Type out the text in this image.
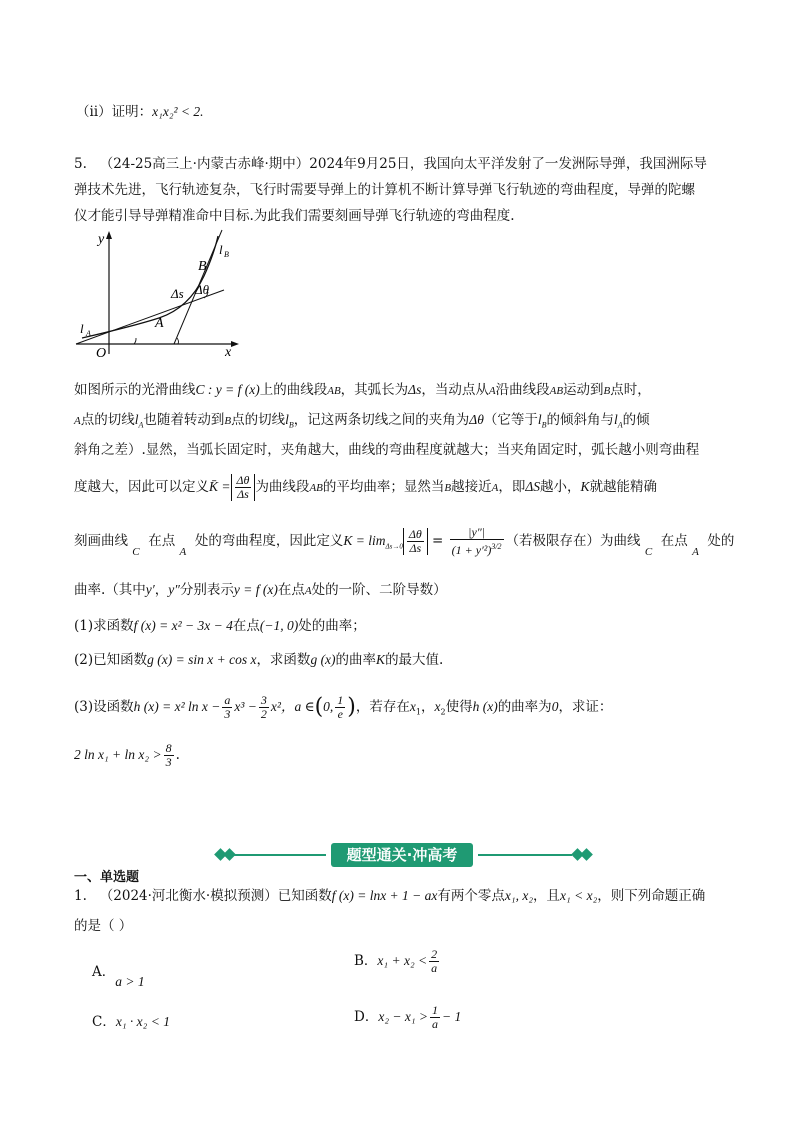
（ⅱ）证明：x₁x₂² < 2.
5. （24-25高三上·内蒙古赤峰·期中）2024年9月25日，我国向太平洋发射了一发洲际导弹，我国洲际导
弹技术先进，飞行轨迹复杂，飞行时需要导弹上的计算机不断计算导弹飞行轨迹的弯曲程度，导弹的陀螺
仪才能引导导弹精准命中目标.为此我们需要刻画导弹飞行轨迹的弯曲程度.
y
x
O
l A
l B
A
B
Δs Δθ
如图所示的光滑曲线C : y = f (x)上的曲线段AB，其弧长为Δs，当动点从A沿曲线段AB运动到B点时，
A点的切线$l_A$也随着转动到B点的切线$l_B$，记这两条切线之间的夹角为Δθ（它等于$l_B$的倾斜角与$l_A$的倾
斜角之差）.显然，当弧长固定时，夹角越大，曲线的弯曲程度就越大；当夹角固定时，弧长越小则弯曲程
度越大，因此可以定义K̄ = $\frac{\Delta\theta}{\Delta s}$ 为曲线段AB的平均曲率；显然当B越接近A，即ΔS越小，K就越能精确
刻画曲线 $_C$  在点 $_A$  处的弯曲程度，因此定义$K = \lim_{\Delta s\to 0} \frac{\Delta\theta}{\Delta s} = \frac{|y''|}{(1 + y'^2)^{3/2}}$ （若极限存在）为曲线 $_C$  在点 $_A$  处的
曲率.（其中y′，y″分别表示y = f (x)在点A处的一阶、二阶导数）
(1)求函数f (x) = x² − 3x − 4在点(−1, 0)处的曲率；
(2)已知函数g (x) = sin x + cos x，求函数g (x)的曲率K的最大值.
(3)设函数h (x) = x² $\ln x - \frac{a}{3} x^3 - \frac{3}{2} x^2$，a ∈(0, $\frac{1}{e}$ )，若存在$x_1$，$x_2$使得h (x)的曲率为0，求证：
2 $\ln x_1 + \ln x_2 > \frac{8}{3}$ .
题型通关·冲高考
一、单选题
1. （2024·河北衡水·模拟预测）已知函数f (x) = lnx + 1 − ax有两个零点x₁, x₂，且x₁ < x₂，则下列命题正确
的是（ ）
A．a > 1
B．$x_1 + x_2 < \frac{2}{a}$
C．x₁ · x₂ < 1	D．$x_2 - x_1 > \frac{1}{a} - 1$
